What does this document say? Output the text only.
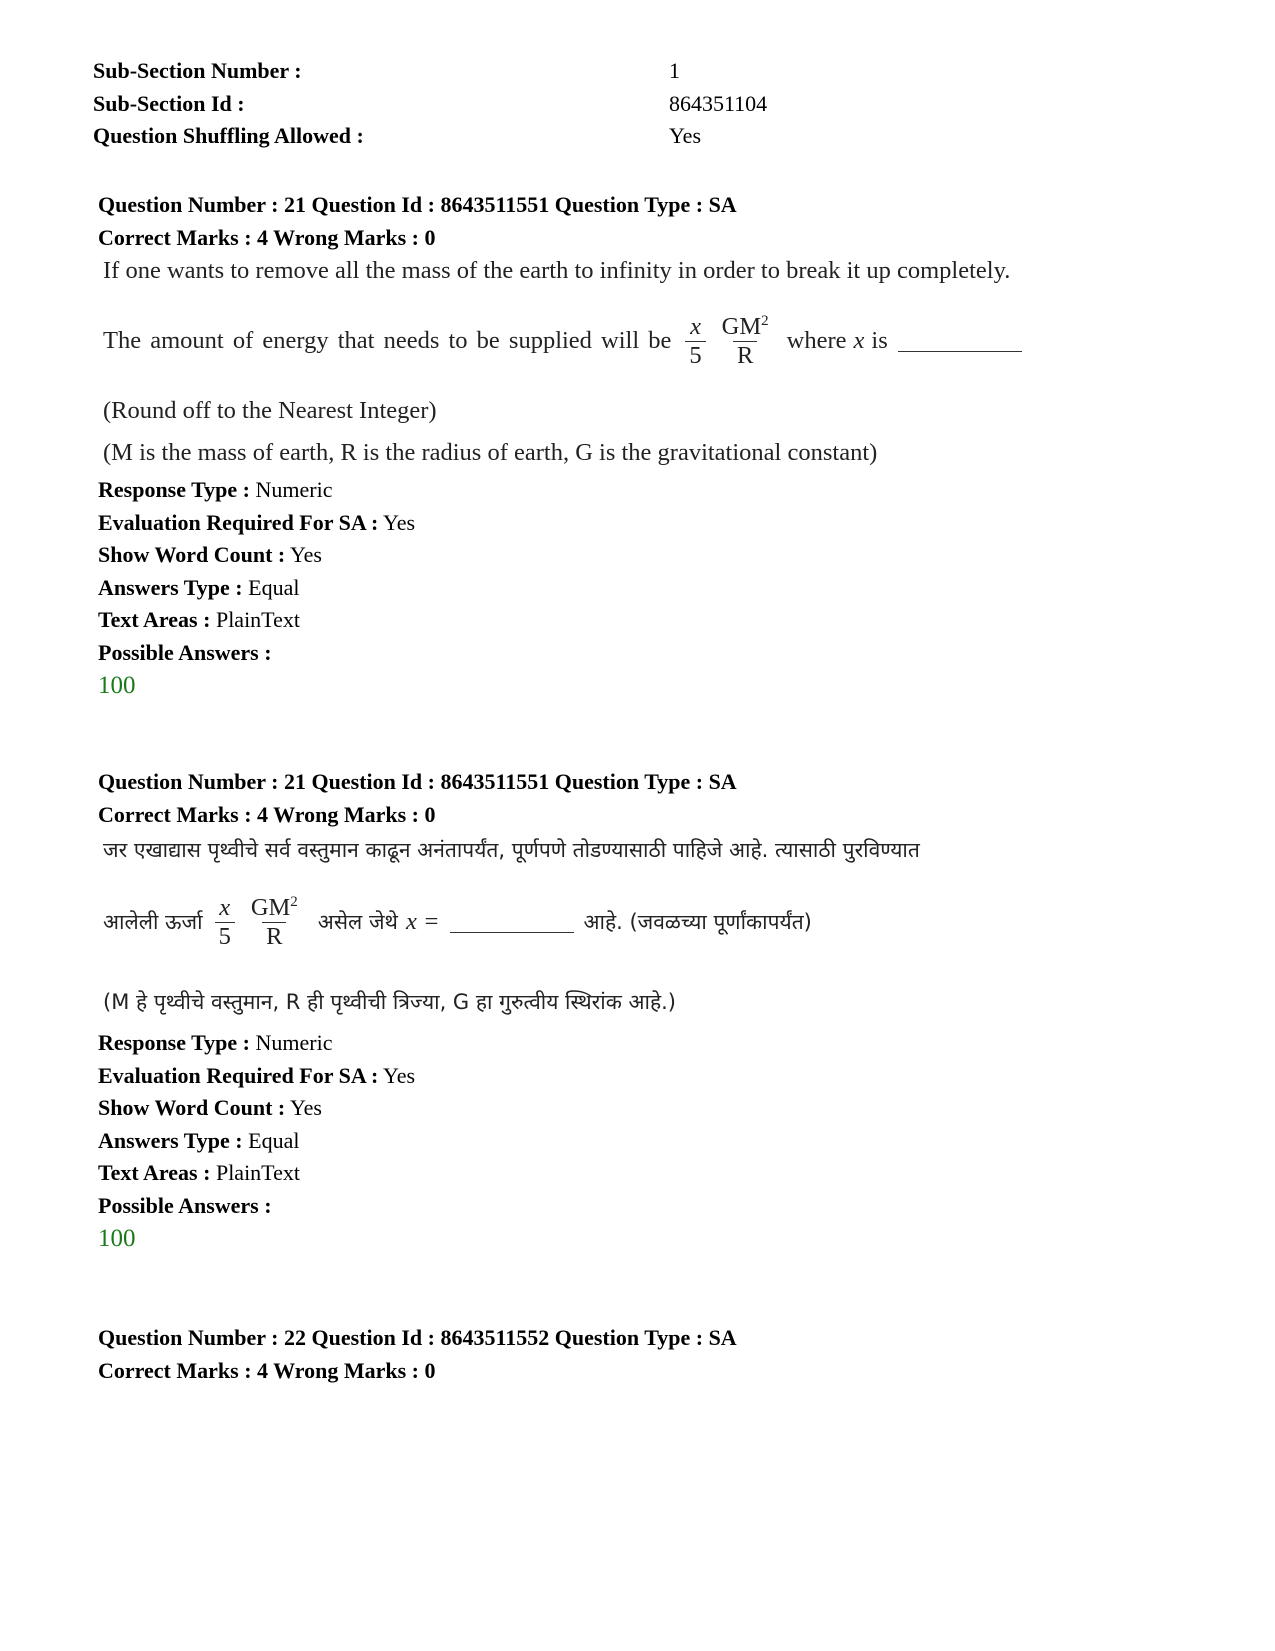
Sub-Section Number :	1
Sub-Section Id :	864351104
Question Shuffling Allowed :	Yes
Question Number : 21 Question Id : 8643511551 Question Type : SA
Correct Marks : 4 Wrong Marks : 0
If one wants to remove all the mass of the earth to infinity in order to break it up completely.
The amount of energy that needs to be supplied will be $\frac{x}{5} \frac{GM^2}{R}$ where x is
(Round off to the Nearest Integer)
(M is the mass of earth, R is the radius of earth, G is the gravitational constant)
Response Type : Numeric
Evaluation Required For SA : Yes
Show Word Count : Yes
Answers Type : Equal
Text Areas : PlainText
Possible Answers :
100
Question Number : 21 Question Id : 8643511551 Question Type : SA
Correct Marks : 4 Wrong Marks : 0
जर एखाद्यास पृथ्वीचे सर्व वस्तुमान काढून अनंतापर्यंत, पूर्णपणे तोडण्यासाठी पाहिजे आहे. त्यासाठी पुरविण्यात
आलेली ऊर्जा $\frac{x}{5} \frac{GM^2}{R}$ असेल जेथे x =	आहे. (जवळच्या पूर्णांकापर्यंत)
(M हे पृथ्वीचे वस्तुमान, R ही पृथ्वीची त्रिज्या, G हा गुरुत्वीय स्थिरांक आहे.)
Response Type : Numeric
Evaluation Required For SA : Yes
Show Word Count : Yes
Answers Type : Equal
Text Areas : PlainText
Possible Answers :
100
Question Number : 22 Question Id : 8643511552 Question Type : SA
Correct Marks : 4 Wrong Marks : 0
